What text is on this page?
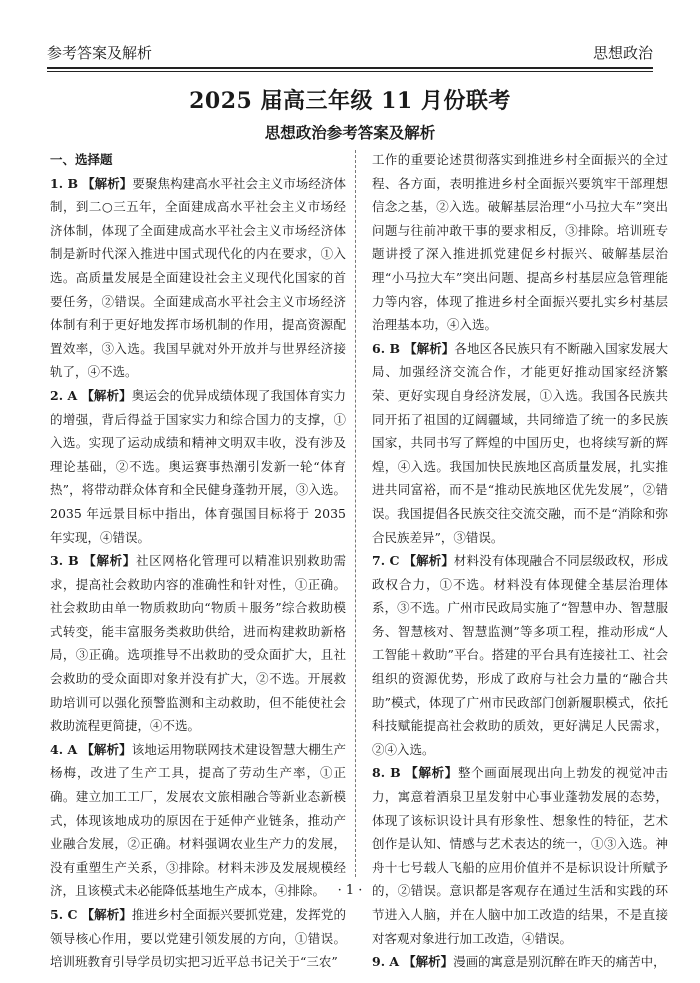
参考答案及解析	思想政治
2025 届高三年级 11 月份联考
思想政治参考答案及解析
一、选择题

1. B 【解析】要聚焦构建高水平社会主义市场经济体制，到二○三五年，全面建成高水平社会主义市场经济体制，体现了全面建成高水平社会主义市场经济体制是新时代深入推进中国式现代化的内在要求，①入选。高质量发展是全面建设社会主义现代化国家的首要任务，②错误。全面建成高水平社会主义市场经济体制有利于更好地发挥市场机制的作用，提高资源配置效率，③入选。我国早就对外开放并与世界经济接轨了，④不选。

2. A 【解析】奥运会的优异成绩体现了我国体育实力的增强，背后得益于国家实力和综合国力的支撑，①入选。实现了运动成绩和精神文明双丰收，没有涉及理论基础，②不选。奥运赛事热潮引发新一轮“体育热”，将带动群众体育和全民健身蓬勃开展，③入选。2035 年远景目标中指出，体育强国目标将于 2035 年实现，④错误。

3. B 【解析】社区网格化管理可以精准识别救助需求，提高社会救助内容的准确性和针对性，①正确。社会救助由单一物质救助向“物质＋服务”综合救助模式转变，能丰富服务类救助供给，进而构建救助新格局，③正确。选项推导不出救助的受众面扩大，且社会救助的受众面即对象并没有扩大，②不选。开展救助培训可以强化预警监测和主动救助，但不能使社会救助流程更简捷，④不选。

4. A 【解析】该地运用物联网技术建设智慧大棚生产杨梅，改进了生产工具，提高了劳动生产率，①正确。建立加工工厂，发展农文旅相融合等新业态新模式，体现该地成功的原因在于延伸产业链条，推动产业融合发展，②正确。材料强调农业生产力的发展，没有重塑生产关系，③排除。材料未涉及发展规模经济，且该模式未必能降低基地生产成本，④排除。

5. C 【解析】推进乡村全面振兴要抓党建，发挥党的领导核心作用，要以党建引领发展的方向，①错误。培训班教育引导学员切实把习近平总书记关于“三农”

工作的重要论述贯彻落实到推进乡村全面振兴的全过程、各方面，表明推进乡村全面振兴要筑牢干部理想信念之基，②入选。破解基层治理“小马拉大车”突出问题与往前冲敢干事的要求相反，③排除。培训班专题讲授了深入推进抓党建促乡村振兴、破解基层治理“小马拉大车”突出问题、提高乡村基层应急管理能力等内容，体现了推进乡村全面振兴要扎实乡村基层治理基本功，④入选。

6. B 【解析】各地区各民族只有不断融入国家发展大局、加强经济交流合作，才能更好推动国家经济繁荣、更好实现自身经济发展，①入选。我国各民族共同开拓了祖国的辽阔疆域，共同缔造了统一的多民族国家，共同书写了辉煌的中国历史，也将续写新的辉煌，④入选。我国加快民族地区高质量发展，扎实推进共同富裕，而不是“推动民族地区优先发展”，②错误。我国提倡各民族交往交流交融，而不是“消除和弥合民族差异”，③错误。

7. C 【解析】材料没有体现融合不同层级政权，形成政权合力，①不选。材料没有体现健全基层治理体系，③不选。广州市民政局实施了“智慧申办、智慧服务、智慧核对、智慧监测”等多项工程，推动形成“人工智能＋救助”平台。搭建的平台具有连接社工、社会组织的资源优势，形成了政府与社会力量的“融合共助”模式，体现了广州市民政部门创新履职模式，依托科技赋能提高社会救助的质效，更好满足人民需求，②④入选。

8. B 【解析】整个画面展现出向上勃发的视觉冲击力，寓意着酒泉卫星发射中心事业蓬勃发展的态势，体现了该标识设计具有形象性、想象性的特征，艺术创作是认知、情感与艺术表达的统一，①③入选。神舟十七号载人飞船的应用价值并不是标识设计所赋予的，②错误。意识都是客观存在通过生活和实践的环节进入人脑，并在人脑中加工改造的结果，不是直接对客观对象进行加工改造，④错误。

9. A 【解析】漫画的寓意是别沉醉在昨天的痛苦中，

· 1 ·
